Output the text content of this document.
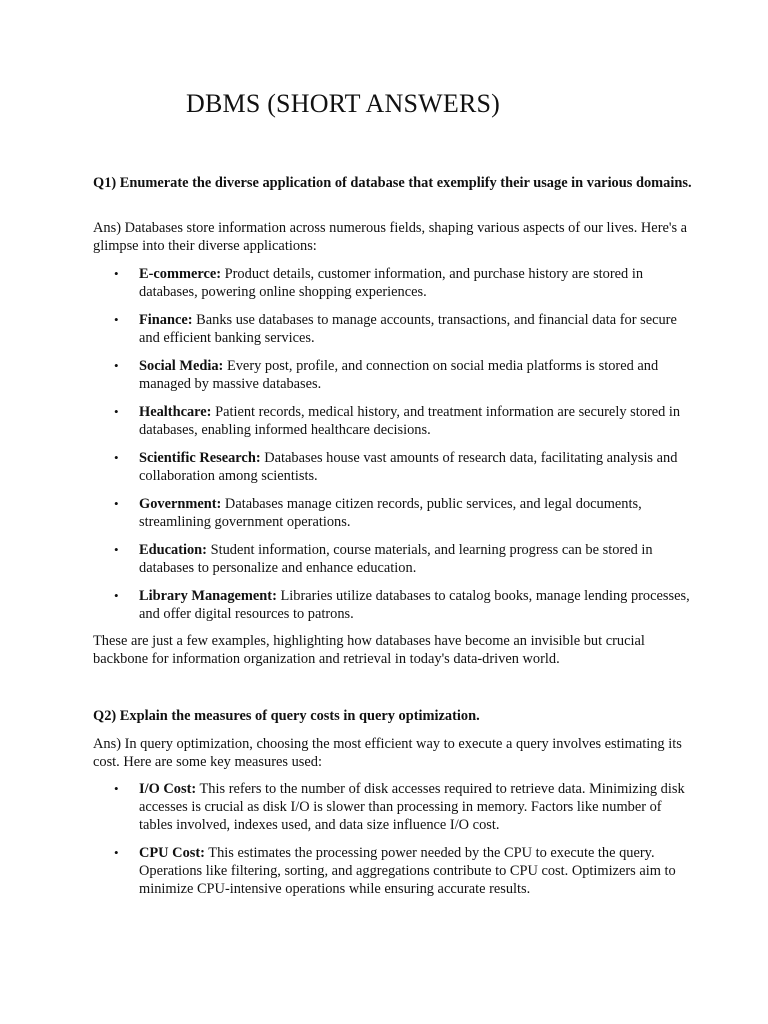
DBMS (SHORT ANSWERS)
Q1) Enumerate the diverse application of database that exemplify their usage in various domains.
Ans) Databases store information across numerous fields, shaping various aspects of our lives. Here's a glimpse into their diverse applications:
• E-commerce: Product details, customer information, and purchase history are stored in databases, powering online shopping experiences.
• Finance: Banks use databases to manage accounts, transactions, and financial data for secure and efficient banking services.
• Social Media: Every post, profile, and connection on social media platforms is stored and managed by massive databases.
• Healthcare: Patient records, medical history, and treatment information are securely stored in databases, enabling informed healthcare decisions.
• Scientific Research: Databases house vast amounts of research data, facilitating analysis and collaboration among scientists.
• Government: Databases manage citizen records, public services, and legal documents, streamlining government operations.
• Education: Student information, course materials, and learning progress can be stored in databases to personalize and enhance education.
• Library Management: Libraries utilize databases to catalog books, manage lending processes, and offer digital resources to patrons.
These are just a few examples, highlighting how databases have become an invisible but crucial backbone for information organization and retrieval in today's data-driven world.
Q2) Explain the measures of query costs in query optimization.
Ans) In query optimization, choosing the most efficient way to execute a query involves estimating its cost. Here are some key measures used:
• I/O Cost: This refers to the number of disk accesses required to retrieve data. Minimizing disk accesses is crucial as disk I/O is slower than processing in memory. Factors like number of tables involved, indexes used, and data size influence I/O cost.
• CPU Cost: This estimates the processing power needed by the CPU to execute the query. Operations like filtering, sorting, and aggregations contribute to CPU cost. Optimizers aim to minimize CPU-intensive operations while ensuring accurate results.
